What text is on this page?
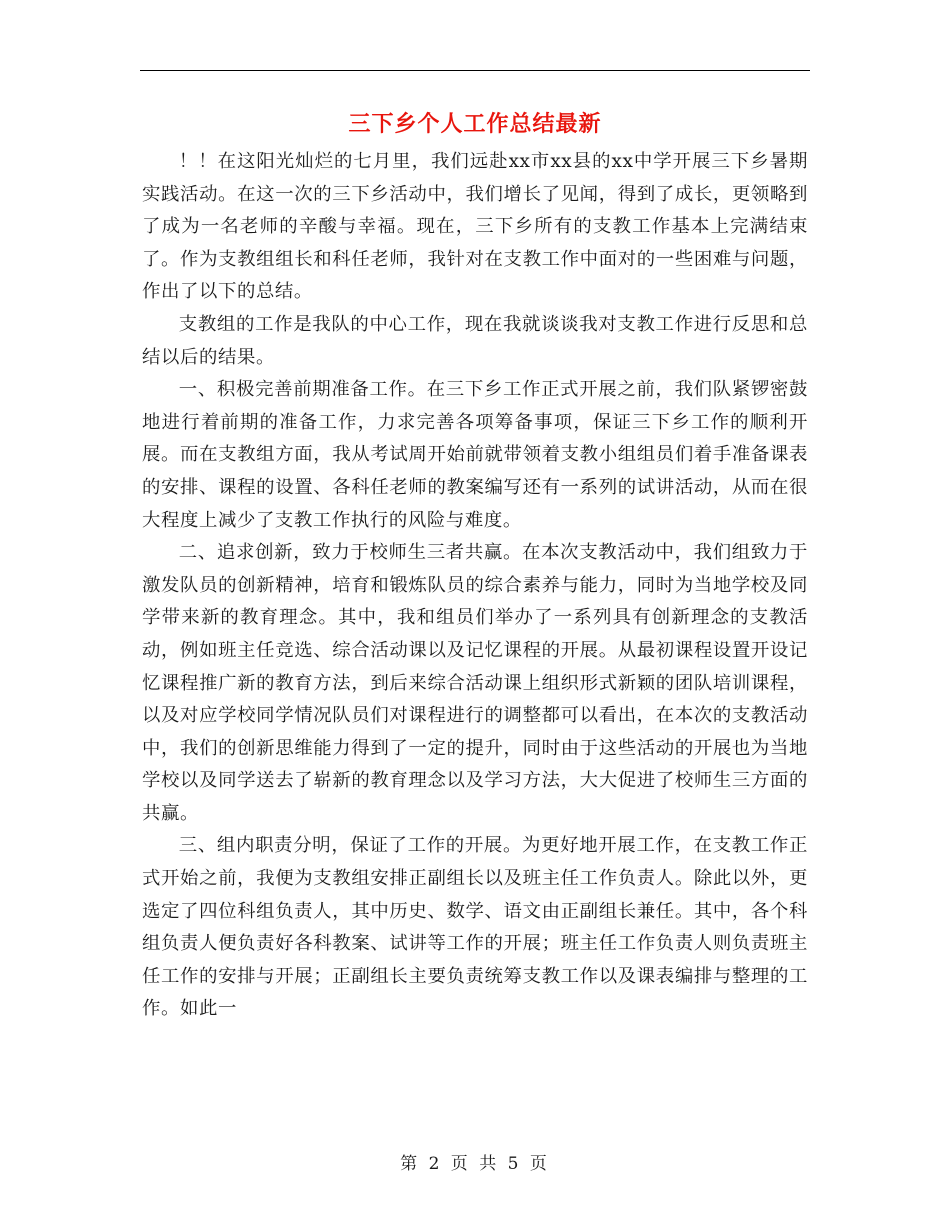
三下乡个人工作总结最新

！！在这阳光灿烂的七月里，我们远赴xx市xx县的xx中学开展三下乡暑期实践活动。在这一次的三下乡活动中，我们增长了见闻，得到了成长，更领略到了成为一名老师的辛酸与幸福。现在，三下乡所有的支教工作基本上完满结束了。作为支教组组长和科任老师，我针对在支教工作中面对的一些困难与问题，作出了以下的总结。

支教组的工作是我队的中心工作，现在我就谈谈我对支教工作进行反思和总结以后的结果。

一、积极完善前期准备工作。在三下乡工作正式开展之前，我们队紧锣密鼓地进行着前期的准备工作，力求完善各项筹备事项，保证三下乡工作的顺利开展。而在支教组方面，我从考试周开始前就带领着支教小组组员们着手准备课表的安排、课程的设置、各科任老师的教案编写还有一系列的试讲活动，从而在很大程度上减少了支教工作执行的风险与难度。

二、追求创新，致力于校师生三者共赢。在本次支教活动中，我们组致力于激发队员的创新精神，培育和锻炼队员的综合素养与能力，同时为当地学校及同学带来新的教育理念。其中，我和组员们举办了一系列具有创新理念的支教活动，例如班主任竞选、综合活动课以及记忆课程的开展。从最初课程设置开设记忆课程推广新的教育方法，到后来综合活动课上组织形式新颖的团队培训课程，以及对应学校同学情况队员们对课程进行的调整都可以看出，在本次的支教活动中，我们的创新思维能力得到了一定的提升，同时由于这些活动的开展也为当地学校以及同学送去了崭新的教育理念以及学习方法，大大促进了校师生三方面的共赢。

三、组内职责分明，保证了工作的开展。为更好地开展工作，在支教工作正式开始之前，我便为支教组安排正副组长以及班主任工作负责人。除此以外，更选定了四位科组负责人，其中历史、数学、语文由正副组长兼任。其中，各个科组负责人便负责好各科教案、试讲等工作的开展；班主任工作负责人则负责班主任工作的安排与开展；正副组长主要负责统筹支教工作以及课表编排与整理的工作。如此一

第 2 页 共 5 页
